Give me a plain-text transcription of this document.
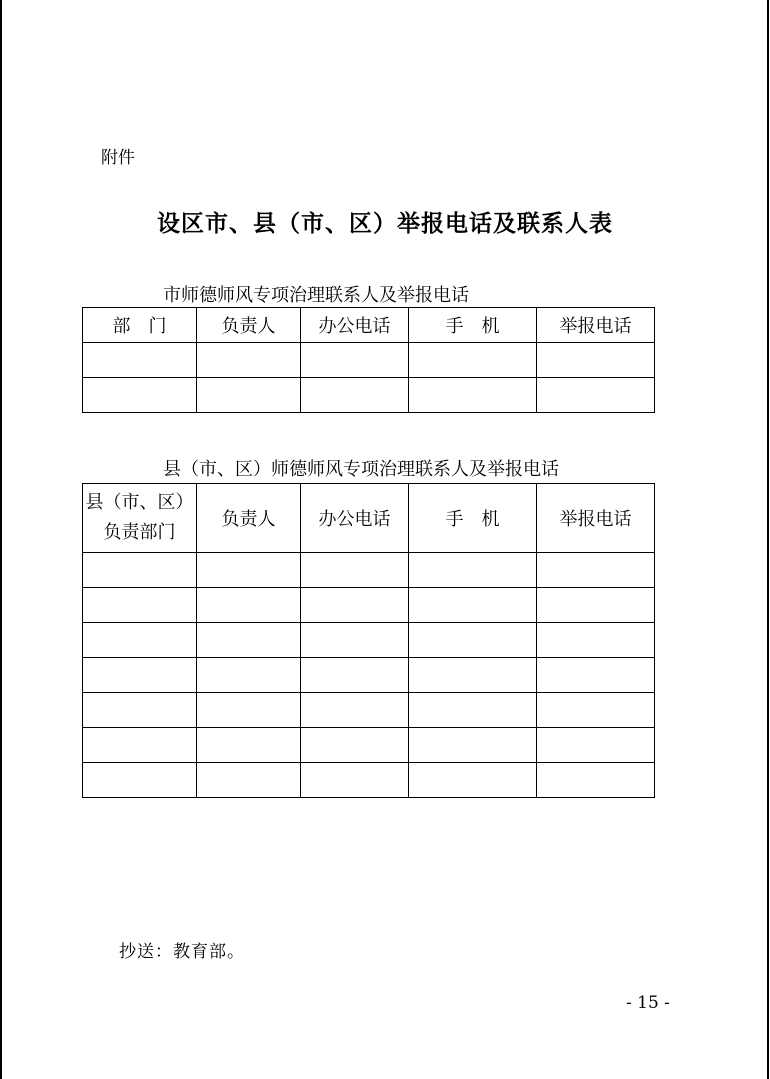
附件
设区市、县（市、区）举报电话及联系人表
市师德师风专项治理联系人及举报电话
部　门	负责人	办公电话	手　机	举报电话

县（市、区）师德师风专项治理联系人及举报电话
县（市、区）
负责部门	负责人	办公电话	手　机	举报电话

抄送：教育部。
- 15 -
